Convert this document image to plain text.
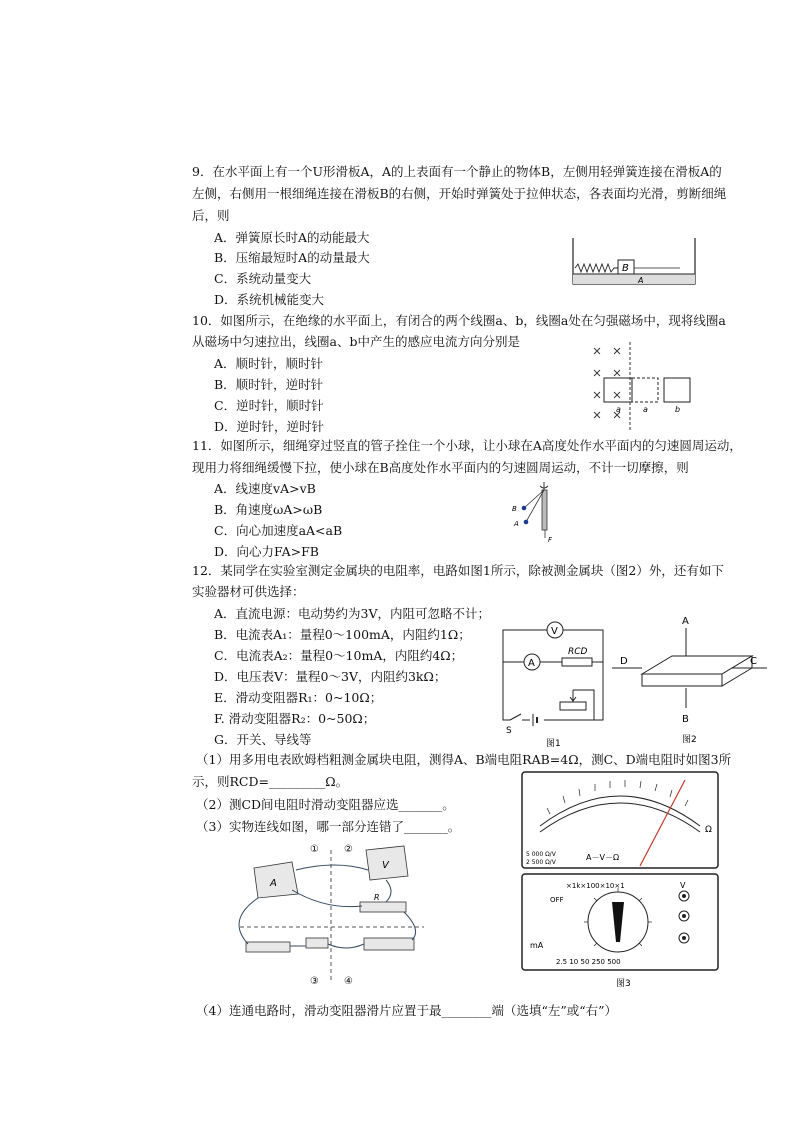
9．在水平面上有一个U形滑板A，A的上表面有一个静止的物体B，左侧用轻弹簧连接在滑板A的
左侧，右侧用一根细绳连接在滑板B的右侧，开始时弹簧处于拉伸状态，各表面均光滑，剪断细绳
后，则
A．弹簧原长时A的动能最大
B．压缩最短时A的动量最大
C．系统动量变大
D．系统机械能变大
B
A
10．如图所示，在绝缘的水平面上，有闭合的两个线圈a、b，线圈a处在匀强磁场中，现将线圈a
从磁场中匀速拉出，线圈a、b中产生的感应电流方向分别是
A．顺时针，顺时针
B．顺时针，逆时针
C．逆时针，顺时针
D．逆时针，逆时针
a	a	b
11．如图所示，细绳穿过竖直的管子拴住一个小球，让小球在A高度处作水平面内的匀速圆周运动，
现用力将细绳缓慢下拉，使小球在B高度处作水平面内的匀速圆周运动，不计一切摩擦，则
A．线速度vA>vB
B．角速度ωA>ωB
C．向心加速度aA<aB
D．向心力FA>FB
B
A
F
12．某同学在实验室测定金属块的电阻率，电路如图1所示，除被测金属块（图2）外，还有如下
实验器材可供选择：
A．直流电源：电动势约为3V，内阻可忽略不计；
B．电流表A₁：量程0～100mA，内阻约1Ω；
C．电流表A₂：量程0～10mA，内阻约4Ω；
D．电压表V：量程0～3V，内阻约3kΩ；
E．滑动变阻器R₁：0~10Ω；
F. 滑动变阻器R₂：0~50Ω；
G．开关、导线等
（1）用多用电表欧姆档粗测金属块电阻，测得A、B端电阻RAB=4Ω，测C、D端电阻时如图3所
示，则RCD=_________Ω。
（2）测CD间电阻时滑动变阻器应选_______。
（3）实物连线如图，哪一部分连错了_______。
（4）连通电路时，滑动变阻器滑片应置于最________端（选填“左”或“右”）
V
A
RCD
S
图1
A
B
D	C
图2
Ω
A－V－Ω
5 000 Ω/V
2 500 Ω/V
×1k×100×10×1	V
OFF
mA
2.5 10 50 250 500
图3
①	②
③	④
A
V
R
